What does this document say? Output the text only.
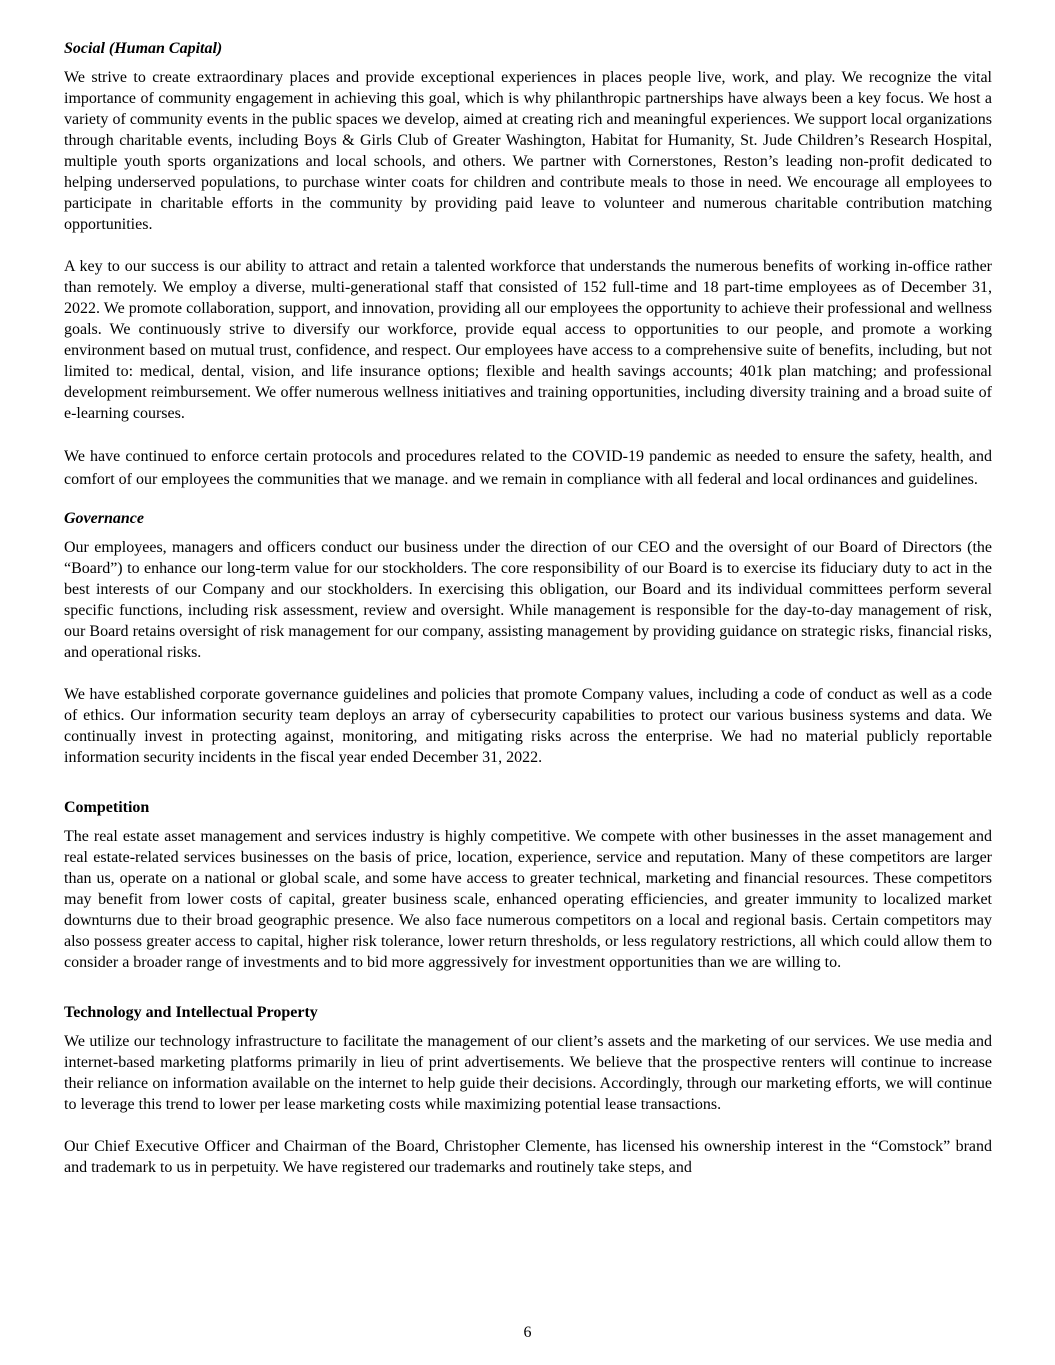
Social (Human Capital)

We strive to create extraordinary places and provide exceptional experiences in places people live, work, and play. We recognize the vital importance of community engagement in achieving this goal, which is why philanthropic partnerships have always been a key focus. We host a variety of community events in the public spaces we develop, aimed at creating rich and meaningful experiences. We support local organizations through charitable events, including Boys & Girls Club of Greater Washington, Habitat for Humanity, St. Jude Children’s Research Hospital, multiple youth sports organizations and local schools, and others. We partner with Cornerstones, Reston’s leading non-profit dedicated to helping underserved populations, to purchase winter coats for children and contribute meals to those in need. We encourage all employees to participate in charitable efforts in the community by providing paid leave to volunteer and numerous charitable contribution matching opportunities.

A key to our success is our ability to attract and retain a talented workforce that understands the numerous benefits of working in-office rather than remotely. We employ a diverse, multi-generational staff that consisted of 152 full-time and 18 part-time employees as of December 31, 2022. We promote collaboration, support, and innovation, providing all our employees the opportunity to achieve their professional and wellness goals. We continuously strive to diversify our workforce, provide equal access to opportunities to our people, and promote a working environment based on mutual trust, confidence, and respect. Our employees have access to a comprehensive suite of benefits, including, but not limited to: medical, dental, vision, and life insurance options; flexible and health savings accounts; 401k plan matching; and professional development reimbursement. We offer numerous wellness initiatives and training opportunities, including diversity training and a broad suite of e-learning courses.

We have continued to enforce certain protocols and procedures related to the COVID-19 pandemic as needed to ensure the safety, health, and comfort of our employees the communities that we manage. and we remain in compliance with all federal and local ordinances and guidelines.

Governance

Our employees, managers and officers conduct our business under the direction of our CEO and the oversight of our Board of Directors (the “Board”) to enhance our long-term value for our stockholders. The core responsibility of our Board is to exercise its fiduciary duty to act in the best interests of our Company and our stockholders. In exercising this obligation, our Board and its individual committees perform several specific functions, including risk assessment, review and oversight. While management is responsible for the day-to-day management of risk, our Board retains oversight of risk management for our company, assisting management by providing guidance on strategic risks, financial risks, and operational risks.

We have established corporate governance guidelines and policies that promote Company values, including a code of conduct as well as a code of ethics. Our information security team deploys an array of cybersecurity capabilities to protect our various business systems and data. We continually invest in protecting against, monitoring, and mitigating risks across the enterprise. We had no material publicly reportable information security incidents in the fiscal year ended December 31, 2022.

Competition

The real estate asset management and services industry is highly competitive. We compete with other businesses in the asset management and real estate-related services businesses on the basis of price, location, experience, service and reputation. Many of these competitors are larger than us, operate on a national or global scale, and some have access to greater technical, marketing and financial resources. These competitors may benefit from lower costs of capital, greater business scale, enhanced operating efficiencies, and greater immunity to localized market downturns due to their broad geographic presence. We also face numerous competitors on a local and regional basis. Certain competitors may also possess greater access to capital, higher risk tolerance, lower return thresholds, or less regulatory restrictions, all which could allow them to consider a broader range of investments and to bid more aggressively for investment opportunities than we are willing to.

Technology and Intellectual Property

We utilize our technology infrastructure to facilitate the management of our client’s assets and the marketing of our services. We use media and internet-based marketing platforms primarily in lieu of print advertisements. We believe that the prospective renters will continue to increase their reliance on information available on the internet to help guide their decisions. Accordingly, through our marketing efforts, we will continue to leverage this trend to lower per lease marketing costs while maximizing potential lease transactions.

Our Chief Executive Officer and Chairman of the Board, Christopher Clemente, has licensed his ownership interest in the “Comstock” brand and trademark to us in perpetuity. We have registered our trademarks and routinely take steps, and

6
